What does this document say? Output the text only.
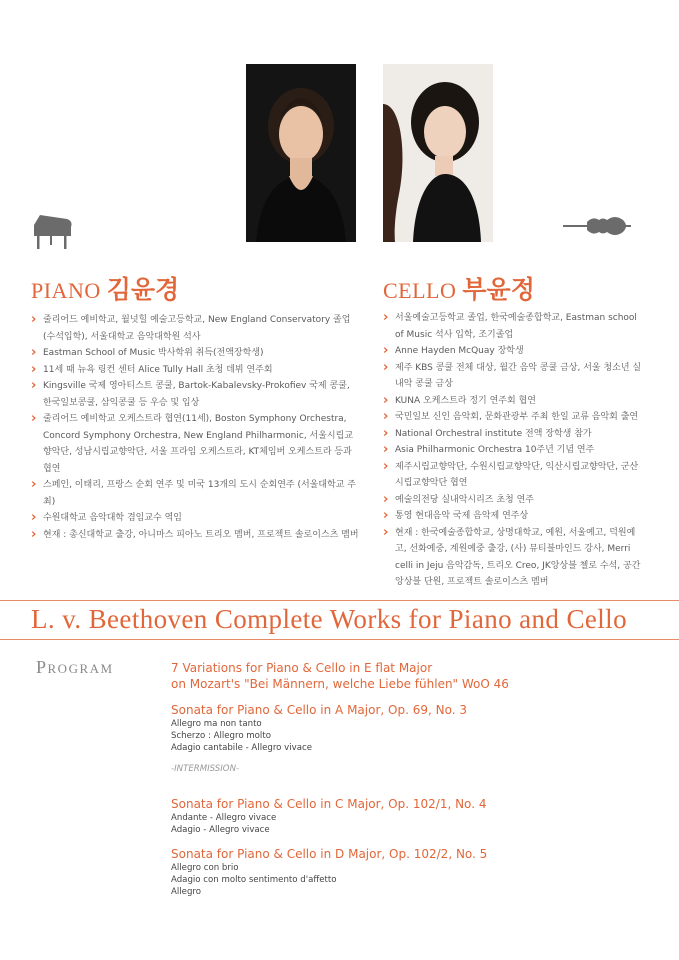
PIANO 김윤경	CELLO 부윤정
› 줄리어드 예비학교, 월넛힐 예술고등학교, New England Conservatory 졸업(수석입학), 서울대학교 음악대학원 석사
› Eastman School of Music 박사학위 취득(전액장학생)
› 11세 때 뉴욕 링컨 센터 Alice Tully Hall 초청 데뷔 연주회
› Kingsville 국제 영아티스트 콩쿨, Bartok-Kabalevsky-Prokofiev 국제 콩쿨, 한국일보콩쿨, 삼익콩쿨 등 우승 및 입상
› 줄리어드 예비학교 오케스트라 협연(11세), Boston Symphony Orchestra, Concord Symphony Orchestra, New England Philharmonic, 서울시립교향악단, 성남시립교향악단, 서울 프라임 오케스트라, KT체임버 오케스트라 등과 협연
› 스페인, 이태리, 프랑스 순회 연주 및 미국 13개의 도시 순회연주 (서울대학교 주최)
› 수원대학교 음악대학 겸임교수 역임
› 현재 : 총신대학교 출강, 아니마스 피아노 트리오 멤버, 프로젝트 솔로이스츠 멤버
› 서울예술고등학교 졸업, 한국예술종합학교, Eastman school of Music 석사 입학, 조기졸업
› Anne Hayden McQuay 장학생
› 제주 KBS 콩쿨 전체 대상, 월간 음악 콩쿨 금상, 서울 청소년 실내악 콩쿨 금상
› KUNA 오케스트라 정기 연주회 협연
› 국민일보 신인 음악회, 문화관광부 주최 한일 교류 음악회 출연
› National Orchestral institute 전액 장학생 참가
› Asia Philharmonic Orchestra 10주년 기념 연주
› 제주시립교향악단, 수원시립교향악단, 익산시립교향악단, 군산시립교향악단 협연
› 예술의전당 실내악시리즈 초청 연주
› 통영 현대음악 국제 음악제 연주상
› 현재 : 한국예술종합학교, 상명대학교, 예원, 서울예고, 덕원예고, 선화예중, 계원예중 출강, (사) 뮤티블마인드 강사, Merri celli in Jeju 음악감독, 트리오 Creo, JK앙상블 첼로 수석, 공간앙상블 단원, 프로젝트 솔로이스츠 멤버
L. v. Beethoven Complete Works for Piano and Cello
Program	7 Variations for Piano & Cello in E flat Major
on Mozart's "Bei Männern, welche Liebe fühlen" WoO 46
Sonata for Piano & Cello in A Major, Op. 69, No. 3
Allegro ma non tanto
Scherzo : Allegro molto
Adagio cantabile - Allegro vivace
-INTERMISSION-
Sonata for Piano & Cello in C Major, Op. 102/1, No. 4
Andante - Allegro vivace
Adagio - Allegro vivace
Sonata for Piano & Cello in D Major, Op. 102/2, No. 5
Allegro con brio
Adagio con molto sentimento d'affetto
Allegro
